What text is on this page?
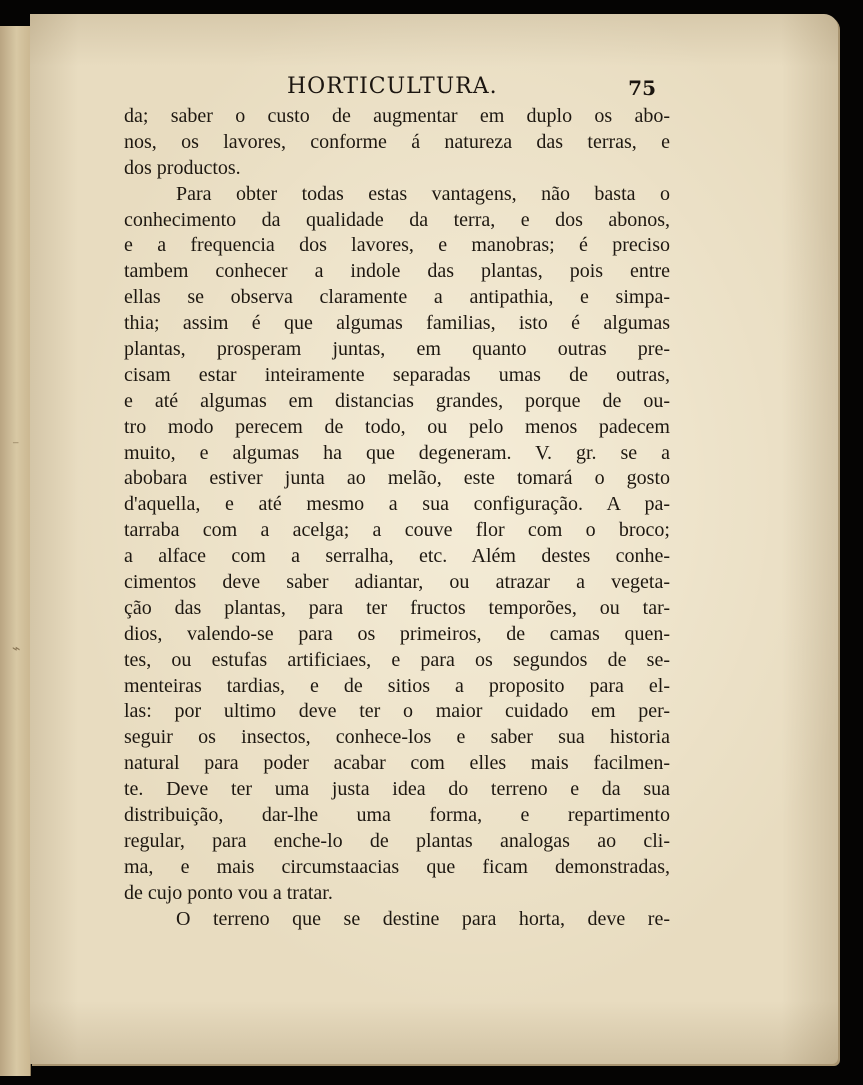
⁻
⌁
HORTICULTURA.	75
da; saber o custo de augmentar em duplo os abo-
nos, os lavores, conforme á natureza das terras, e
dos productos.
Para obter todas estas vantagens, não basta o
conhecimento da qualidade da terra, e dos abonos,
e a frequencia dos lavores, e manobras; é preciso
tambem conhecer a indole das plantas, pois entre
ellas se observa claramente a antipathia, e simpa-
thia; assim é que algumas familias, isto é algumas
plantas, prosperam juntas, em quanto outras pre-
cisam estar inteiramente separadas umas de outras,
e até algumas em distancias grandes, porque de ou-
tro modo perecem de todo, ou pelo menos padecem
muito, e algumas ha que degeneram. V. gr. se a
abobara estiver junta ao melão, este tomará o gosto
d'aquella, e até mesmo a sua configuração. A pa-
tarraba com a acelga; a couve flor com o broco;
a alface com a serralha, etc. Além destes conhe-
cimentos deve saber adiantar, ou atrazar a vegeta-
ção das plantas, para ter fructos temporões, ou tar-
dios, valendo-se para os primeiros, de camas quen-
tes, ou estufas artificiaes, e para os segundos de se-
menteiras tardias, e de sitios a proposito para el-
las: por ultimo deve ter o maior cuidado em per-
seguir os insectos, conhece-los e saber sua historia
natural para poder acabar com elles mais facilmen-
te. Deve ter uma justa idea do terreno e da sua
distribuição, dar-lhe uma forma, e repartimento
regular, para enche-lo de plantas analogas ao cli-
ma, e mais circumstaacias que ficam demonstradas,
de cujo ponto vou a tratar.
O terreno que se destine para horta, deve re-
